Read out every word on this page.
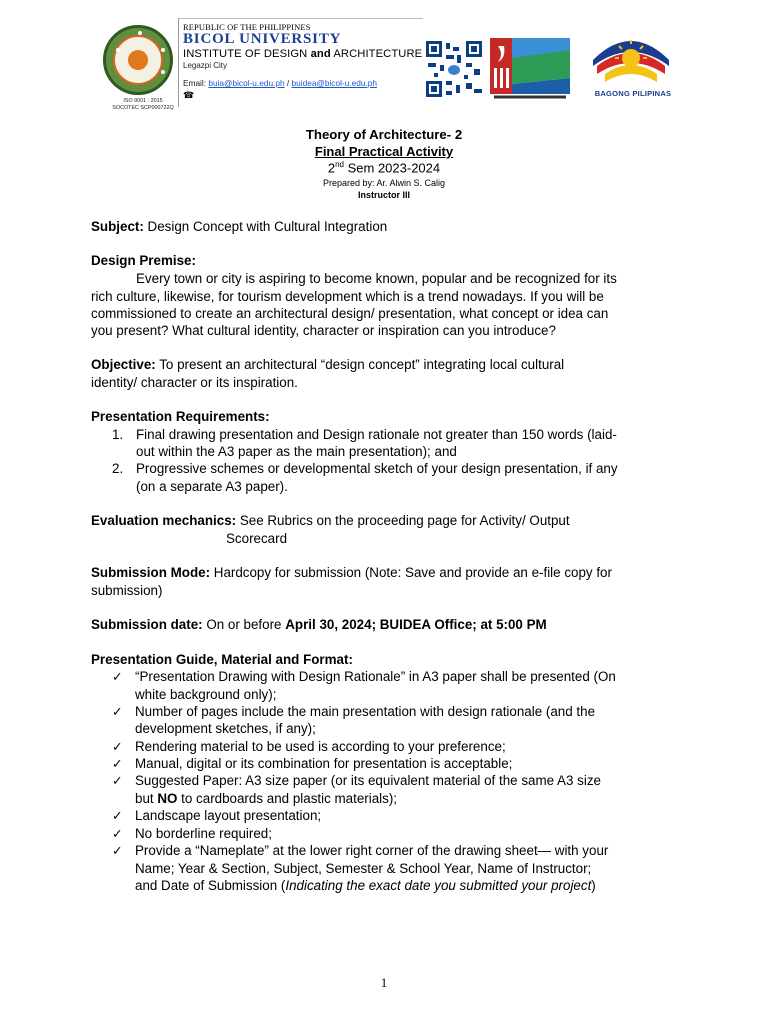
ISO 9001 : 2015
SOCOTEC SCP000722Q
REPUBLIC OF THE PHILIPPINES
BICOL UNIVERSITY
INSTITUTE OF DESIGN and ARCHITECTURE
Legazpi City
Email: buia@bicol-u.edu.ph / buidea@bicol-u.edu.ph
☎	BAGONG PILIPINAS
Theory of Architecture- 2
Final Practical Activity
2nd Sem 2023-2024
Prepared by: Ar. Alwin S. Calig
Instructor III
Subject: Design Concept with Cultural Integration
Design Premise:
Every town or city is aspiring to become known, popular and be recognized for its
rich culture, likewise, for tourism development which is a trend nowadays. If you will be
commissioned to create an architectural design/ presentation, what concept or idea can
you present? What cultural identity, character or inspiration can you introduce?
Objective: To present an architectural “design concept” integrating local cultural
identity/ character or its inspiration.
Presentation Requirements:
1. Final drawing presentation and Design rationale not greater than 150 words (laid-
out within the A3 paper as the main presentation); and
2. Progressive schemes or developmental sketch of your design presentation, if any
(on a separate A3 paper).
Evaluation mechanics: See Rubrics on the proceeding page for Activity/ Output
Scorecard
Submission Mode: Hardcopy for submission (Note: Save and provide an e-file copy for
submission)
Submission date: On or before April 30, 2024; BUIDEA Office; at 5:00 PM
Presentation Guide, Material and Format:
✓ “Presentation Drawing with Design Rationale” in A3 paper shall be presented (On
white background only);
✓ Number of pages include the main presentation with design rationale (and the
development sketches, if any);
✓ Rendering material to be used is according to your preference;
✓ Manual, digital or its combination for presentation is acceptable;
✓ Suggested Paper: A3 size paper (or its equivalent material of the same A3 size
but NO to cardboards and plastic materials);
✓ Landscape layout presentation;
✓ No borderline required;
✓ Provide a “Nameplate” at the lower right corner of the drawing sheet— with your
Name; Year & Section, Subject, Semester & School Year, Name of Instructor;
and Date of Submission (Indicating the exact date you submitted your project)
1
